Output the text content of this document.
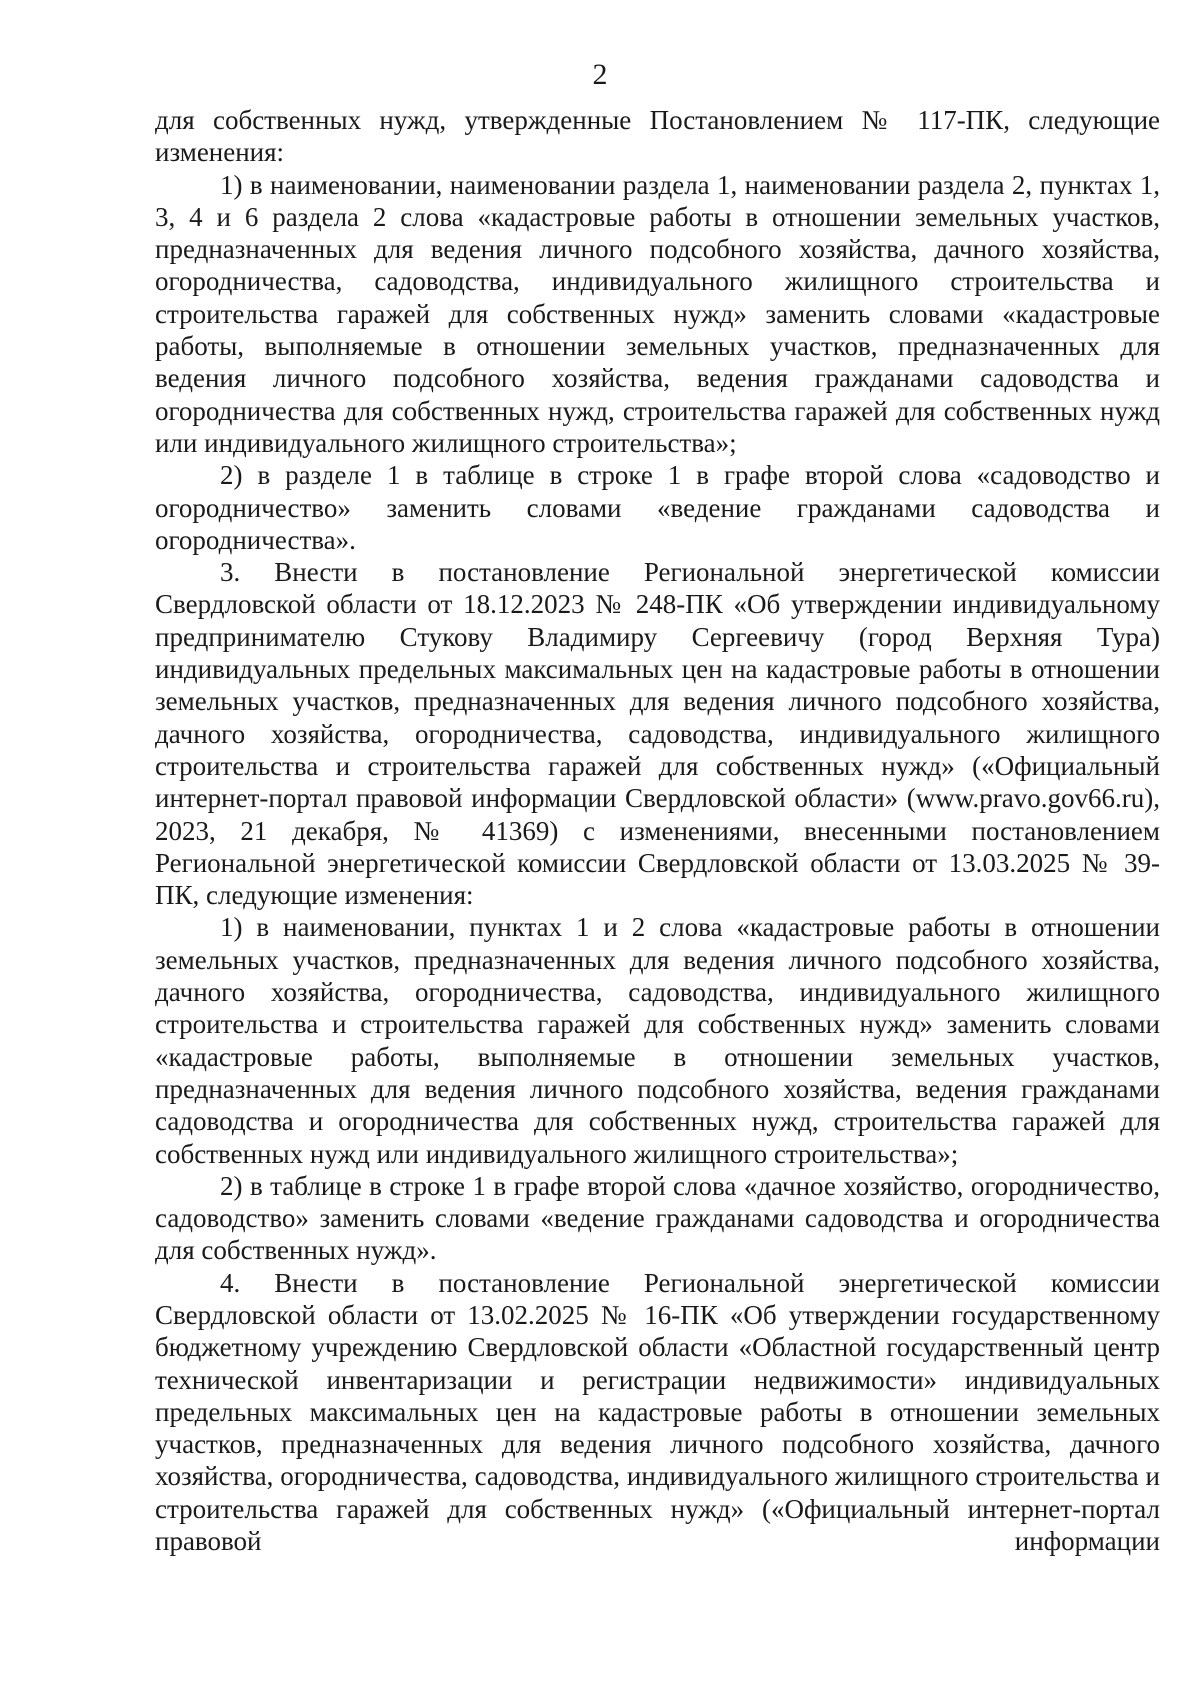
2

для собственных нужд, утвержденные Постановлением № 117-ПК, следующие изменения:

1) в наименовании, наименовании раздела 1, наименовании раздела 2, пунктах 1, 3, 4 и 6 раздела 2 слова «кадастровые работы в отношении земельных участков, предназначенных для ведения личного подсобного хозяйства, дачного хозяйства, огородничества, садоводства, индивидуального жилищного строительства и строительства гаражей для собственных нужд» заменить словами «кадастровые работы, выполняемые в отношении земельных участков, предназначенных для ведения личного подсобного хозяйства, ведения гражданами садоводства и огородничества для собственных нужд, строительства гаражей для собственных нужд или индивидуального жилищного строительства»;

2) в разделе 1 в таблице в строке 1 в графе второй слова «садоводство и огородничество» заменить словами «ведение гражданами садоводства и огородничества».

3. Внести в постановление Региональной энергетической комиссии Свердловской области от 18.12.2023 № 248-ПК «Об утверждении индивидуальному предпринимателю Стукову Владимиру Сергеевичу (город Верхняя Тура) индивидуальных предельных максимальных цен на кадастровые работы в отношении земельных участков, предназначенных для ведения личного подсобного хозяйства, дачного хозяйства, огородничества, садоводства, индивидуального жилищного строительства и строительства гаражей для собственных нужд» («Официальный интернет-портал правовой информации Свердловской области» (www.pravo.gov66.ru), 2023, 21 декабря, № 41369) с изменениями, внесенными постановлением Региональной энергетической комиссии Свердловской области от 13.03.2025 № 39-ПК, следующие изменения:

1) в наименовании, пунктах 1 и 2 слова «кадастровые работы в отношении земельных участков, предназначенных для ведения личного подсобного хозяйства, дачного хозяйства, огородничества, садоводства, индивидуального жилищного строительства и строительства гаражей для собственных нужд» заменить словами «кадастровые работы, выполняемые в отношении земельных участков, предназначенных для ведения личного подсобного хозяйства, ведения гражданами садоводства и огородничества для собственных нужд, строительства гаражей для собственных нужд или индивидуального жилищного строительства»;

2) в таблице в строке 1 в графе второй слова «дачное хозяйство, огородничество, садоводство» заменить словами «ведение гражданами садоводства и огородничества для собственных нужд».

4. Внести в постановление Региональной энергетической комиссии Свердловской области от 13.02.2025 № 16-ПК «Об утверждении государственному бюджетному учреждению Свердловской области «Областной государственный центр технической инвентаризации и регистрации недвижимости» индивидуальных предельных максимальных цен на кадастровые работы в отношении земельных участков, предназначенных для ведения личного подсобного хозяйства, дачного хозяйства, огородничества, садоводства, индивидуального жилищного строительства и строительства гаражей для собственных нужд» («Официальный интернет-портал правовой информации
